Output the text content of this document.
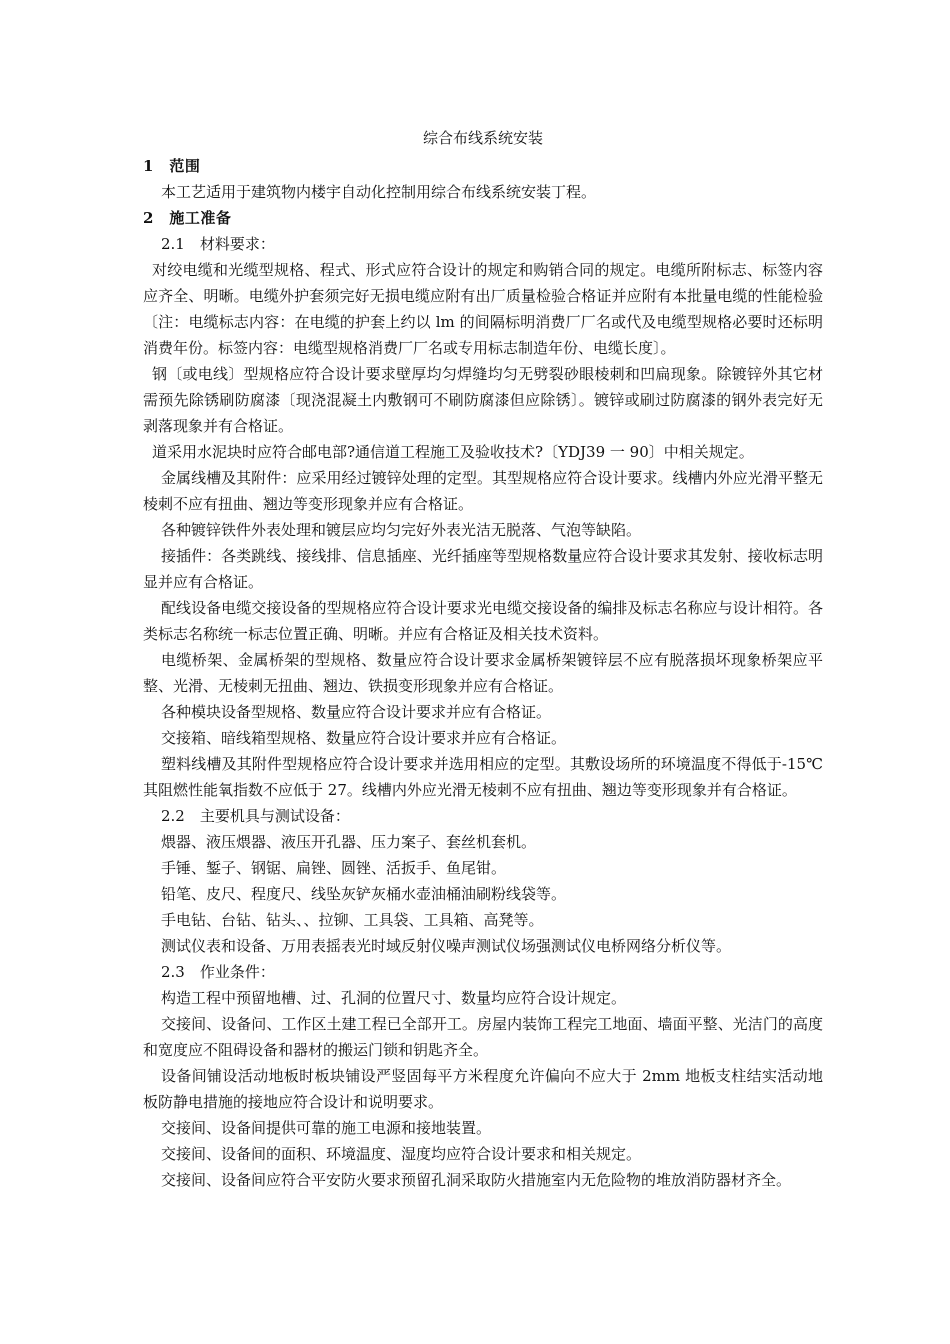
综合布线系统安装

1　范围

本工艺适用于建筑物内楼宇自动化控制用综合布线系统安装丁程。

2　施工准备

2.1　材料要求：

对绞电缆和光缆型规格、程式、形式应符合设计的规定和购销合同的规定。电缆所附标志、标签内容应齐全、明晰。电缆外护套须完好无损电缆应附有出厂质量检验合格证并应附有本批量电缆的性能检验〔注：电缆标志内容：在电缆的护套上约以 lm 的间隔标明消费厂厂名或代及电缆型规格必要时还标明消费年份。标签内容：电缆型规格消费厂厂名或专用标志制造年份、电缆长度〕。

钢〔或电线〕型规格应符合设计要求壁厚均匀焊缝均匀无劈裂砂眼棱刺和凹扁现象。除镀锌外其它材需预先除锈刷防腐漆〔现浇混凝土内敷钢可不刷防腐漆但应除锈〕。镀锌或刷过防腐漆的钢外表完好无剥落现象并有合格证。

道采用水泥块时应符合邮电部?通信道工程施工及验收技术?〔YDJ39 一 90〕中相关规定。

金属线槽及其附件：应采用经过镀锌处理的定型。其型规格应符合设计要求。线槽内外应光滑平整无棱刺不应有扭曲、翘边等变形现象并应有合格证。

各种镀锌铁件外表处理和镀层应均匀完好外表光洁无脱落、气泡等缺陷。

接插件：各类跳线、接线排、信息插座、光纤插座等型规格数量应符合设计要求其发射、接收标志明显并应有合格证。

配线设备电缆交接设备的型规格应符合设计要求光电缆交接设备的编排及标志名称应与设计相符。各类标志名称统一标志位置正确、明晰。并应有合格证及相关技术资料。

电缆桥架、金属桥架的型规格、数量应符合设计要求金属桥架镀锌层不应有脱落损坏现象桥架应平整、光滑、无棱刺无扭曲、翘边、铁损变形现象并应有合格证。

各种模块设备型规格、数量应符合设计要求并应有合格证。

交接箱、暗线箱型规格、数量应符合设计要求并应有合格证。

塑料线槽及其附件型规格应符合设计要求并选用相应的定型。其敷设场所的环境温度不得低于-15℃其阻燃性能氧指数不应低于 27。线槽内外应光滑无棱刺不应有扭曲、翘边等变形现象并有合格证。

2.2　主要机具与测试设备：

煨器、液压煨器、液压开孔器、压力案子、套丝机套机。

手锤、錾子、钢锯、扁锉、圆锉、活扳手、鱼尾钳。

铅笔、皮尺、程度尺、线坠灰铲灰桶水壶油桶油刷粉线袋等。

手电钻、台钻、钻头、、拉铆、工具袋、工具箱、高凳等。

测试仪表和设备、万用表摇表光时域反射仪噪声测试仪场强测试仪电桥网络分析仪等。

2.3　作业条件：

构造工程中预留地槽、过、孔洞的位置尺寸、数量均应符合设计规定。

交接间、设备问、工作区土建工程已全部开工。房屋内装饰工程完工地面、墙面平整、光洁门的高度和宽度应不阻碍设备和器材的搬运门锁和钥匙齐全。

设备间铺设活动地板时板块铺设严竖固每平方米程度允许偏向不应大于 2mm 地板支柱结实活动地板防静电措施的接地应符合设计和说明要求。

交接间、设备间提供可靠的施工电源和接地装置。

交接间、设备间的面积、环境温度、湿度均应符合设计要求和相关规定。

交接间、设备间应符合平安防火要求预留孔洞采取防火措施室内无危险物的堆放消防器材齐全。
